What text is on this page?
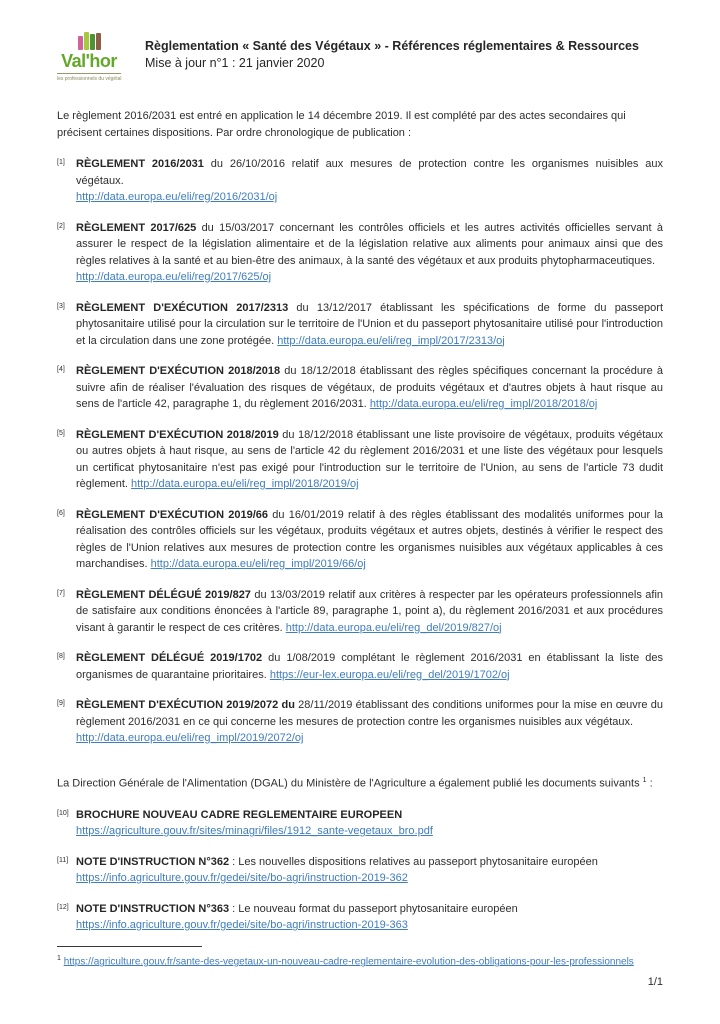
Val'hor
les professionnels du végétal
Règlementation « Santé des Végétaux » - Références réglementaires & Ressources
Mise à jour n°1 : 21 janvier 2020

Le règlement 2016/2031 est entré en application le 14 décembre 2019. Il est complété par des actes secondaires qui précisent certaines dispositions. Par ordre chronologique de publication :

[1]	RÈGLEMENT 2016/2031 du 26/10/2016 relatif aux mesures de protection contre les organismes nuisibles aux végétaux.
http://data.europa.eu/eli/reg/2016/2031/oj
[2]	RÈGLEMENT 2017/625 du 15/03/2017 concernant les contrôles officiels et les autres activités officielles servant à assurer le respect de la législation alimentaire et de la législation relative aux aliments pour animaux ainsi que des règles relatives à la santé et au bien-être des animaux, à la santé des végétaux et aux produits phytopharmaceutiques.
http://data.europa.eu/eli/reg/2017/625/oj
[3]	RÈGLEMENT D'EXÉCUTION 2017/2313 du 13/12/2017 établissant les spécifications de forme du passeport phytosanitaire utilisé pour la circulation sur le territoire de l'Union et du passeport phytosanitaire utilisé pour l'introduction et la circulation dans une zone protégée. http://data.europa.eu/eli/reg_impl/2017/2313/oj
[4]	RÈGLEMENT D'EXÉCUTION 2018/2018 du 18/12/2018 établissant des règles spécifiques concernant la procédure à suivre afin de réaliser l'évaluation des risques de végétaux, de produits végétaux et d'autres objets à haut risque au sens de l'article 42, paragraphe 1, du règlement 2016/2031. http://data.europa.eu/eli/reg_impl/2018/2018/oj
[5]	RÈGLEMENT D'EXÉCUTION 2018/2019 du 18/12/2018 établissant une liste provisoire de végétaux, produits végétaux ou autres objets à haut risque, au sens de l'article 42 du règlement 2016/2031 et une liste des végétaux pour lesquels un certificat phytosanitaire n'est pas exigé pour l'introduction sur le territoire de l'Union, au sens de l'article 73 dudit règlement. http://data.europa.eu/eli/reg_impl/2018/2019/oj
[6]	RÈGLEMENT D'EXÉCUTION 2019/66 du 16/01/2019 relatif à des règles établissant des modalités uniformes pour la réalisation des contrôles officiels sur les végétaux, produits végétaux et autres objets, destinés à vérifier le respect des règles de l'Union relatives aux mesures de protection contre les organismes nuisibles aux végétaux applicables à ces marchandises. http://data.europa.eu/eli/reg_impl/2019/66/oj
[7]	RÈGLEMENT DÉLÉGUÉ 2019/827 du 13/03/2019 relatif aux critères à respecter par les opérateurs professionnels afin de satisfaire aux conditions énoncées à l'article 89, paragraphe 1, point a), du règlement 2016/2031 et aux procédures visant à garantir le respect de ces critères. http://data.europa.eu/eli/reg_del/2019/827/oj
[8]	RÈGLEMENT DÉLÉGUÉ 2019/1702 du 1/08/2019 complétant le règlement 2016/2031 en établissant la liste des organismes de quarantaine prioritaires. https://eur-lex.europa.eu/eli/reg_del/2019/1702/oj
[9]	RÈGLEMENT D'EXÉCUTION 2019/2072 du 28/11/2019 établissant des conditions uniformes pour la mise en œuvre du règlement 2016/2031 en ce qui concerne les mesures de protection contre les organismes nuisibles aux végétaux.
http://data.europa.eu/eli/reg_impl/2019/2072/oj

La Direction Générale de l'Alimentation (DGAL) du Ministère de l'Agriculture a également publié les documents suivants $^1$ :

[10] BROCHURE NOUVEAU CADRE REGLEMENTAIRE EUROPEEN
https://agriculture.gouv.fr/sites/minagri/files/1912_sante-vegetaux_bro.pdf
[11] NOTE D'INSTRUCTION N°362 : Les nouvelles dispositions relatives au passeport phytosanitaire européen
https://info.agriculture.gouv.fr/gedei/site/bo-agri/instruction-2019-362
[12] NOTE D'INSTRUCTION N°363 : Le nouveau format du passeport phytosanitaire européen
https://info.agriculture.gouv.fr/gedei/site/bo-agri/instruction-2019-363
$^1$ https://agriculture.gouv.fr/sante-des-vegetaux-un-nouveau-cadre-reglementaire-evolution-des-obligations-pour-les-professionnels
1/1
